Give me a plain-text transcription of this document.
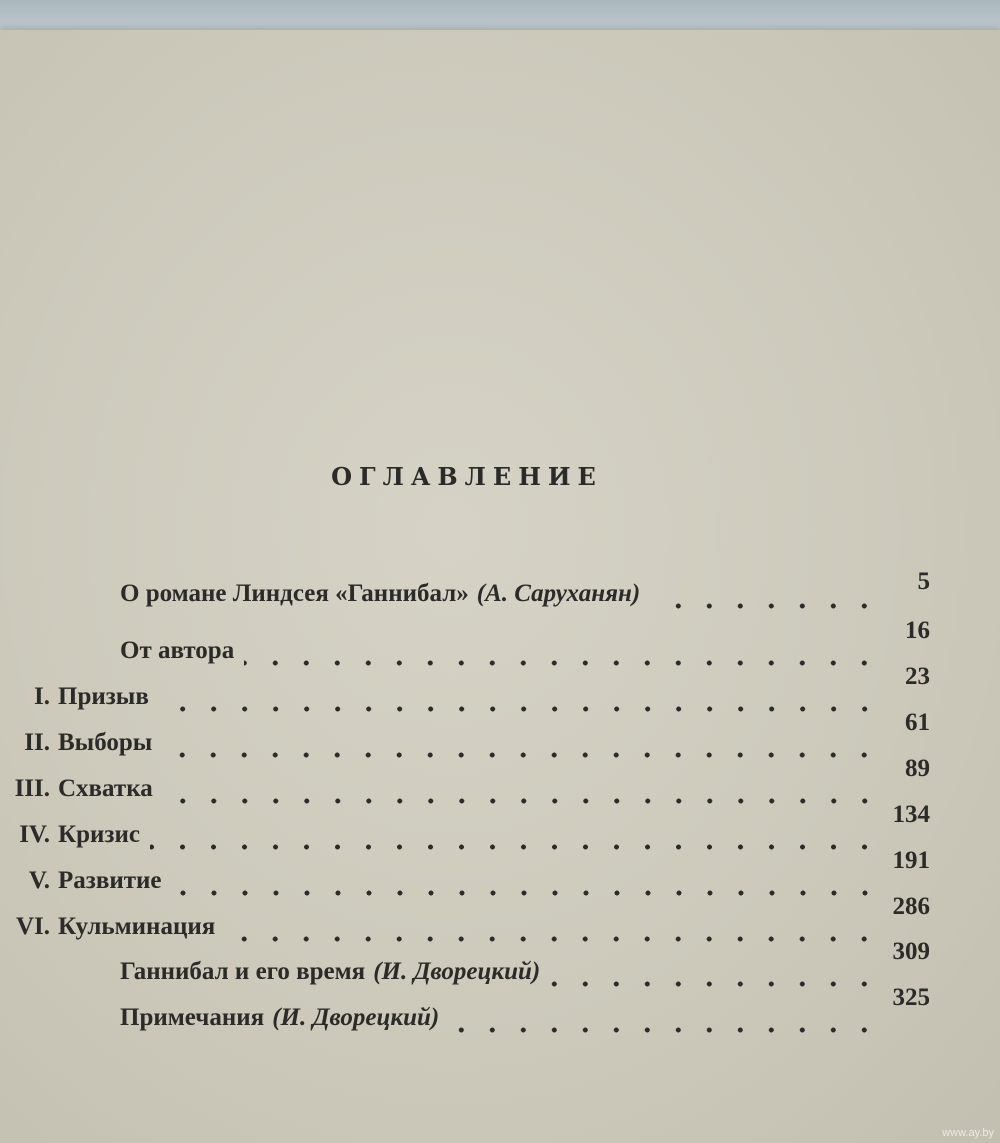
ОГЛАВЛЕНИЕ
О романе Линдсея «Ганнибал» (А. Саруханян)	5
От автора
16
I. Призыв
23
II. Выборы
61
III. Схватка
89
IV. Кризис
134
V. Развитие
191
VI. Кульминация
286
Ганнибал и его время (И. Дворецкий)
309
Примечания (И. Дворецкий)
325
www.ay.by
